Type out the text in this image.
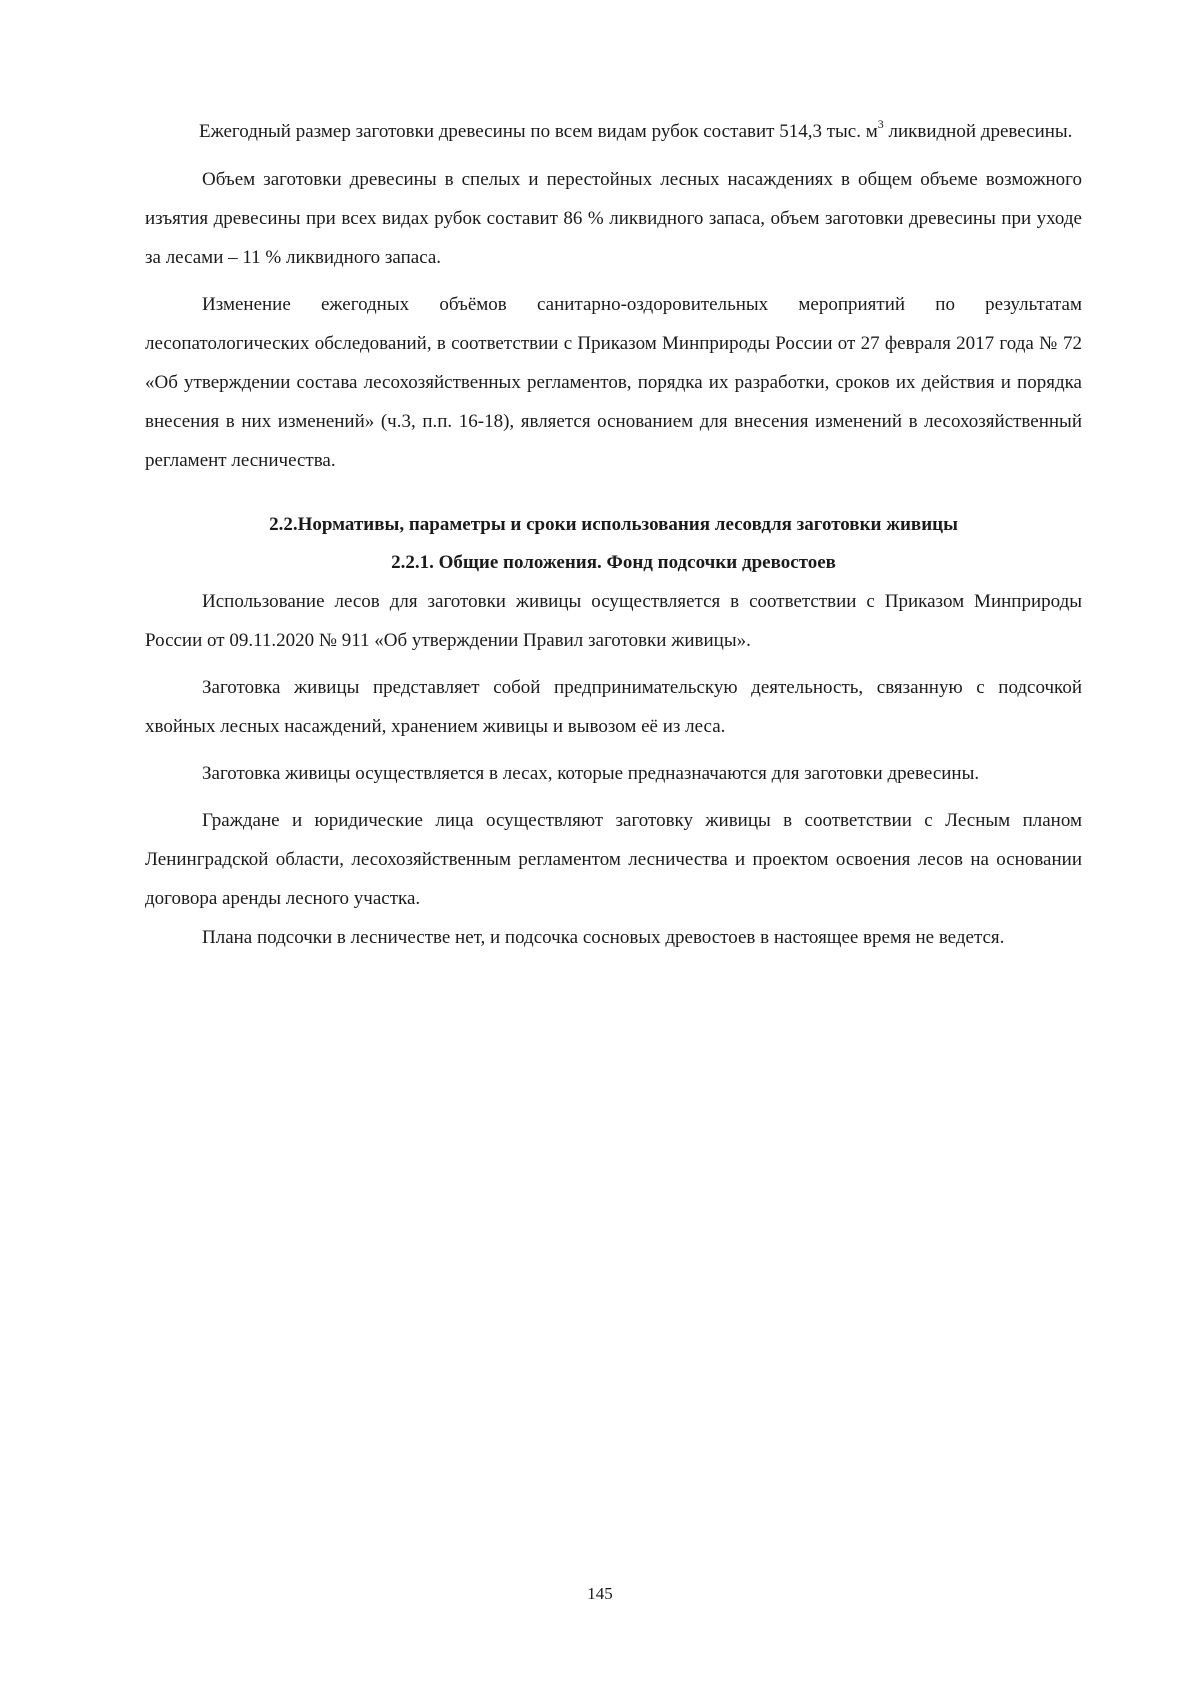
Ежегодный размер заготовки древесины по всем видам рубок составит 514,3 тыс. $м^3$ ликвидной древесины.

Объем заготовки древесины в спелых и перестойных лесных насаждениях в общем объеме возможного изъятия древесины при всех видах рубок составит 86 % ликвидного запаса, объем заготовки древесины при уходе за лесами – 11 % ликвидного запаса.

Изменение ежегодных объёмов санитарно-оздоровительных мероприятий по результатам лесопатологических обследований, в соответствии с Приказом Минприроды России от 27 февраля 2017 года № 72 «Об утверждении состава лесохозяйственных регламентов, порядка их разработки, сроков их действия и порядка внесения в них изменений» (ч.3, п.п. 16-18), является основанием для внесения изменений в лесохозяйственный регламент лесничества.

2.2.Нормативы, параметры и сроки использования лесовдля заготовки живицы
2.2.1. Общие положения. Фонд подсочки древостоев

Использование лесов для заготовки живицы осуществляется в соответствии с Приказом Минприроды России от 09.11.2020 № 911 «Об утверждении Правил заготовки живицы».

Заготовка живицы представляет собой предпринимательскую деятельность, связанную с подсочкой хвойных лесных насаждений, хранением живицы и вывозом её из леса.

Заготовка живицы осуществляется в лесах, которые предназначаются для заготовки древесины.

Граждане и юридические лица осуществляют заготовку живицы в соответствии с Лесным планом Ленинградской области, лесохозяйственным регламентом лесничества и проектом освоения лесов на основании договора аренды лесного участка.

Плана подсочки в лесничестве нет, и подсочка сосновых древостоев в настоящее время не ведется.

145
